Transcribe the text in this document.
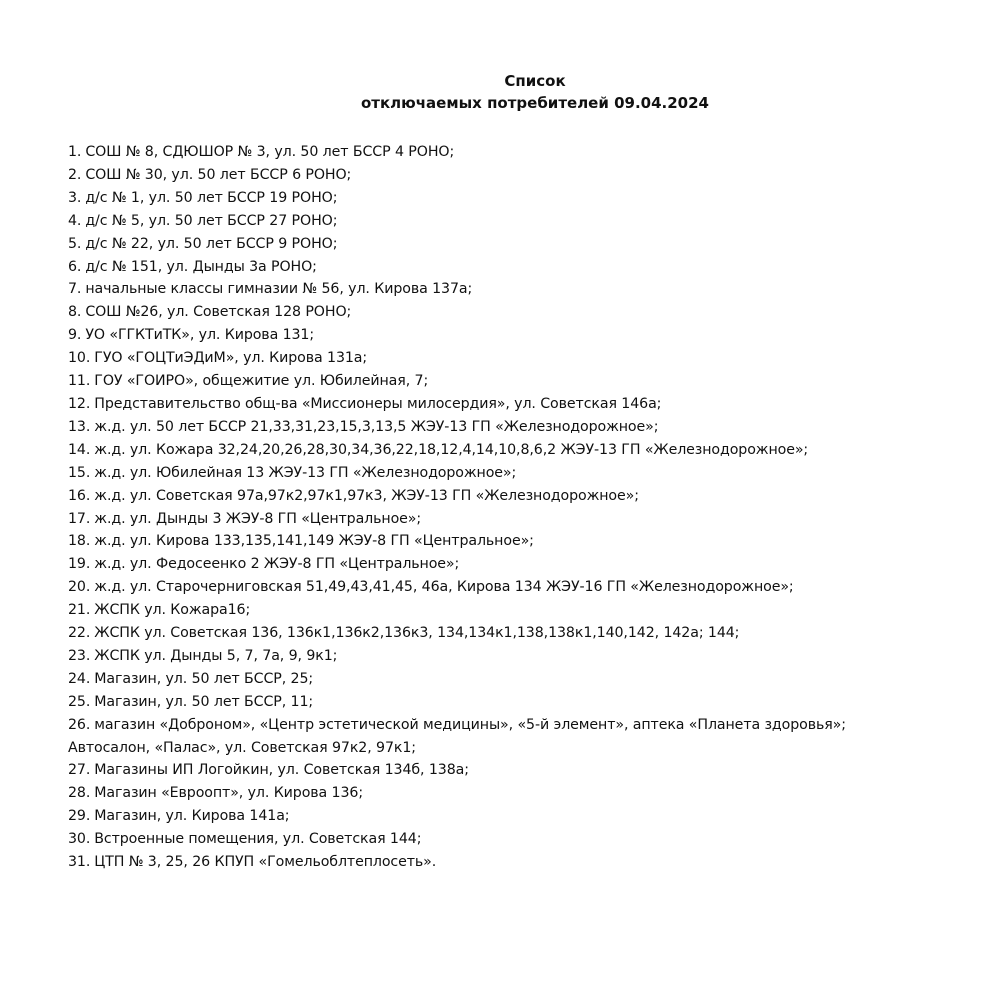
Список

отключаемых потребителей 09.04.2024

1. СОШ № 8, СДЮШОР № 3, ул. 50 лет БССР 4 РОНО;
2. СОШ № 30, ул. 50 лет БССР 6 РОНО;
3. д/с № 1, ул. 50 лет БССР 19 РОНО;
4. д/с № 5, ул. 50 лет БССР 27 РОНО;
5. д/с № 22, ул. 50 лет БССР 9 РОНО;
6. д/с № 151, ул. Дынды 3а РОНО;
7. начальные классы гимназии № 56, ул. Кирова 137а;
8. СОШ №26, ул. Советская 128 РОНО;
9. УО «ГГКТиТК», ул. Кирова 131;
10. ГУО «ГОЦТиЭДиМ», ул. Кирова 131а;
11. ГОУ «ГОИРО», общежитие ул. Юбилейная, 7;
12. Представительство общ-ва «Миссионеры милосердия», ул. Советская 146а;
13. ж.д. ул. 50 лет БССР 21,33,31,23,15,3,13,5 ЖЭУ-13 ГП «Железнодорожное»;
14. ж.д. ул. Кожара 32,24,20,26,28,30,34,36,22,18,12,4,14,10,8,6,2 ЖЭУ-13 ГП «Железнодорожное»;
15. ж.д. ул. Юбилейная 13 ЖЭУ-13 ГП «Железнодорожное»;
16. ж.д. ул. Советская 97а,97к2,97к1,97к3, ЖЭУ-13 ГП «Железнодорожное»;
17. ж.д. ул. Дынды 3 ЖЭУ-8 ГП «Центральное»;
18. ж.д. ул. Кирова 133,135,141,149 ЖЭУ-8 ГП «Центральное»;
19. ж.д. ул. Федосеенко 2 ЖЭУ-8 ГП «Центральное»;
20. ж.д. ул. Старочерниговская 51,49,43,41,45, 46а, Кирова 134 ЖЭУ-16 ГП «Железнодорожное»;
21. ЖСПК ул. Кожара16;
22. ЖСПК ул. Советская 136, 136к1,136к2,136к3, 134,134к1,138,138к1,140,142, 142а; 144;
23. ЖСПК ул. Дынды 5, 7, 7а, 9, 9к1;
24. Магазин, ул. 50 лет БССР, 25;
25. Магазин, ул. 50 лет БССР, 11;
26. магазин «Доброном», «Центр эстетической медицины», «5-й элемент», аптека «Планета здоровья»;
Автосалон, «Палас», ул. Советская 97к2, 97к1;
27. Магазины ИП Логойкин, ул. Советская 134б, 138а;
28. Магазин «Евроопт», ул. Кирова 136;
29. Магазин, ул. Кирова 141а;
30. Встроенные помещения, ул. Советская 144;
31. ЦТП № 3, 25, 26 КПУП «Гомельоблтеплосеть».
